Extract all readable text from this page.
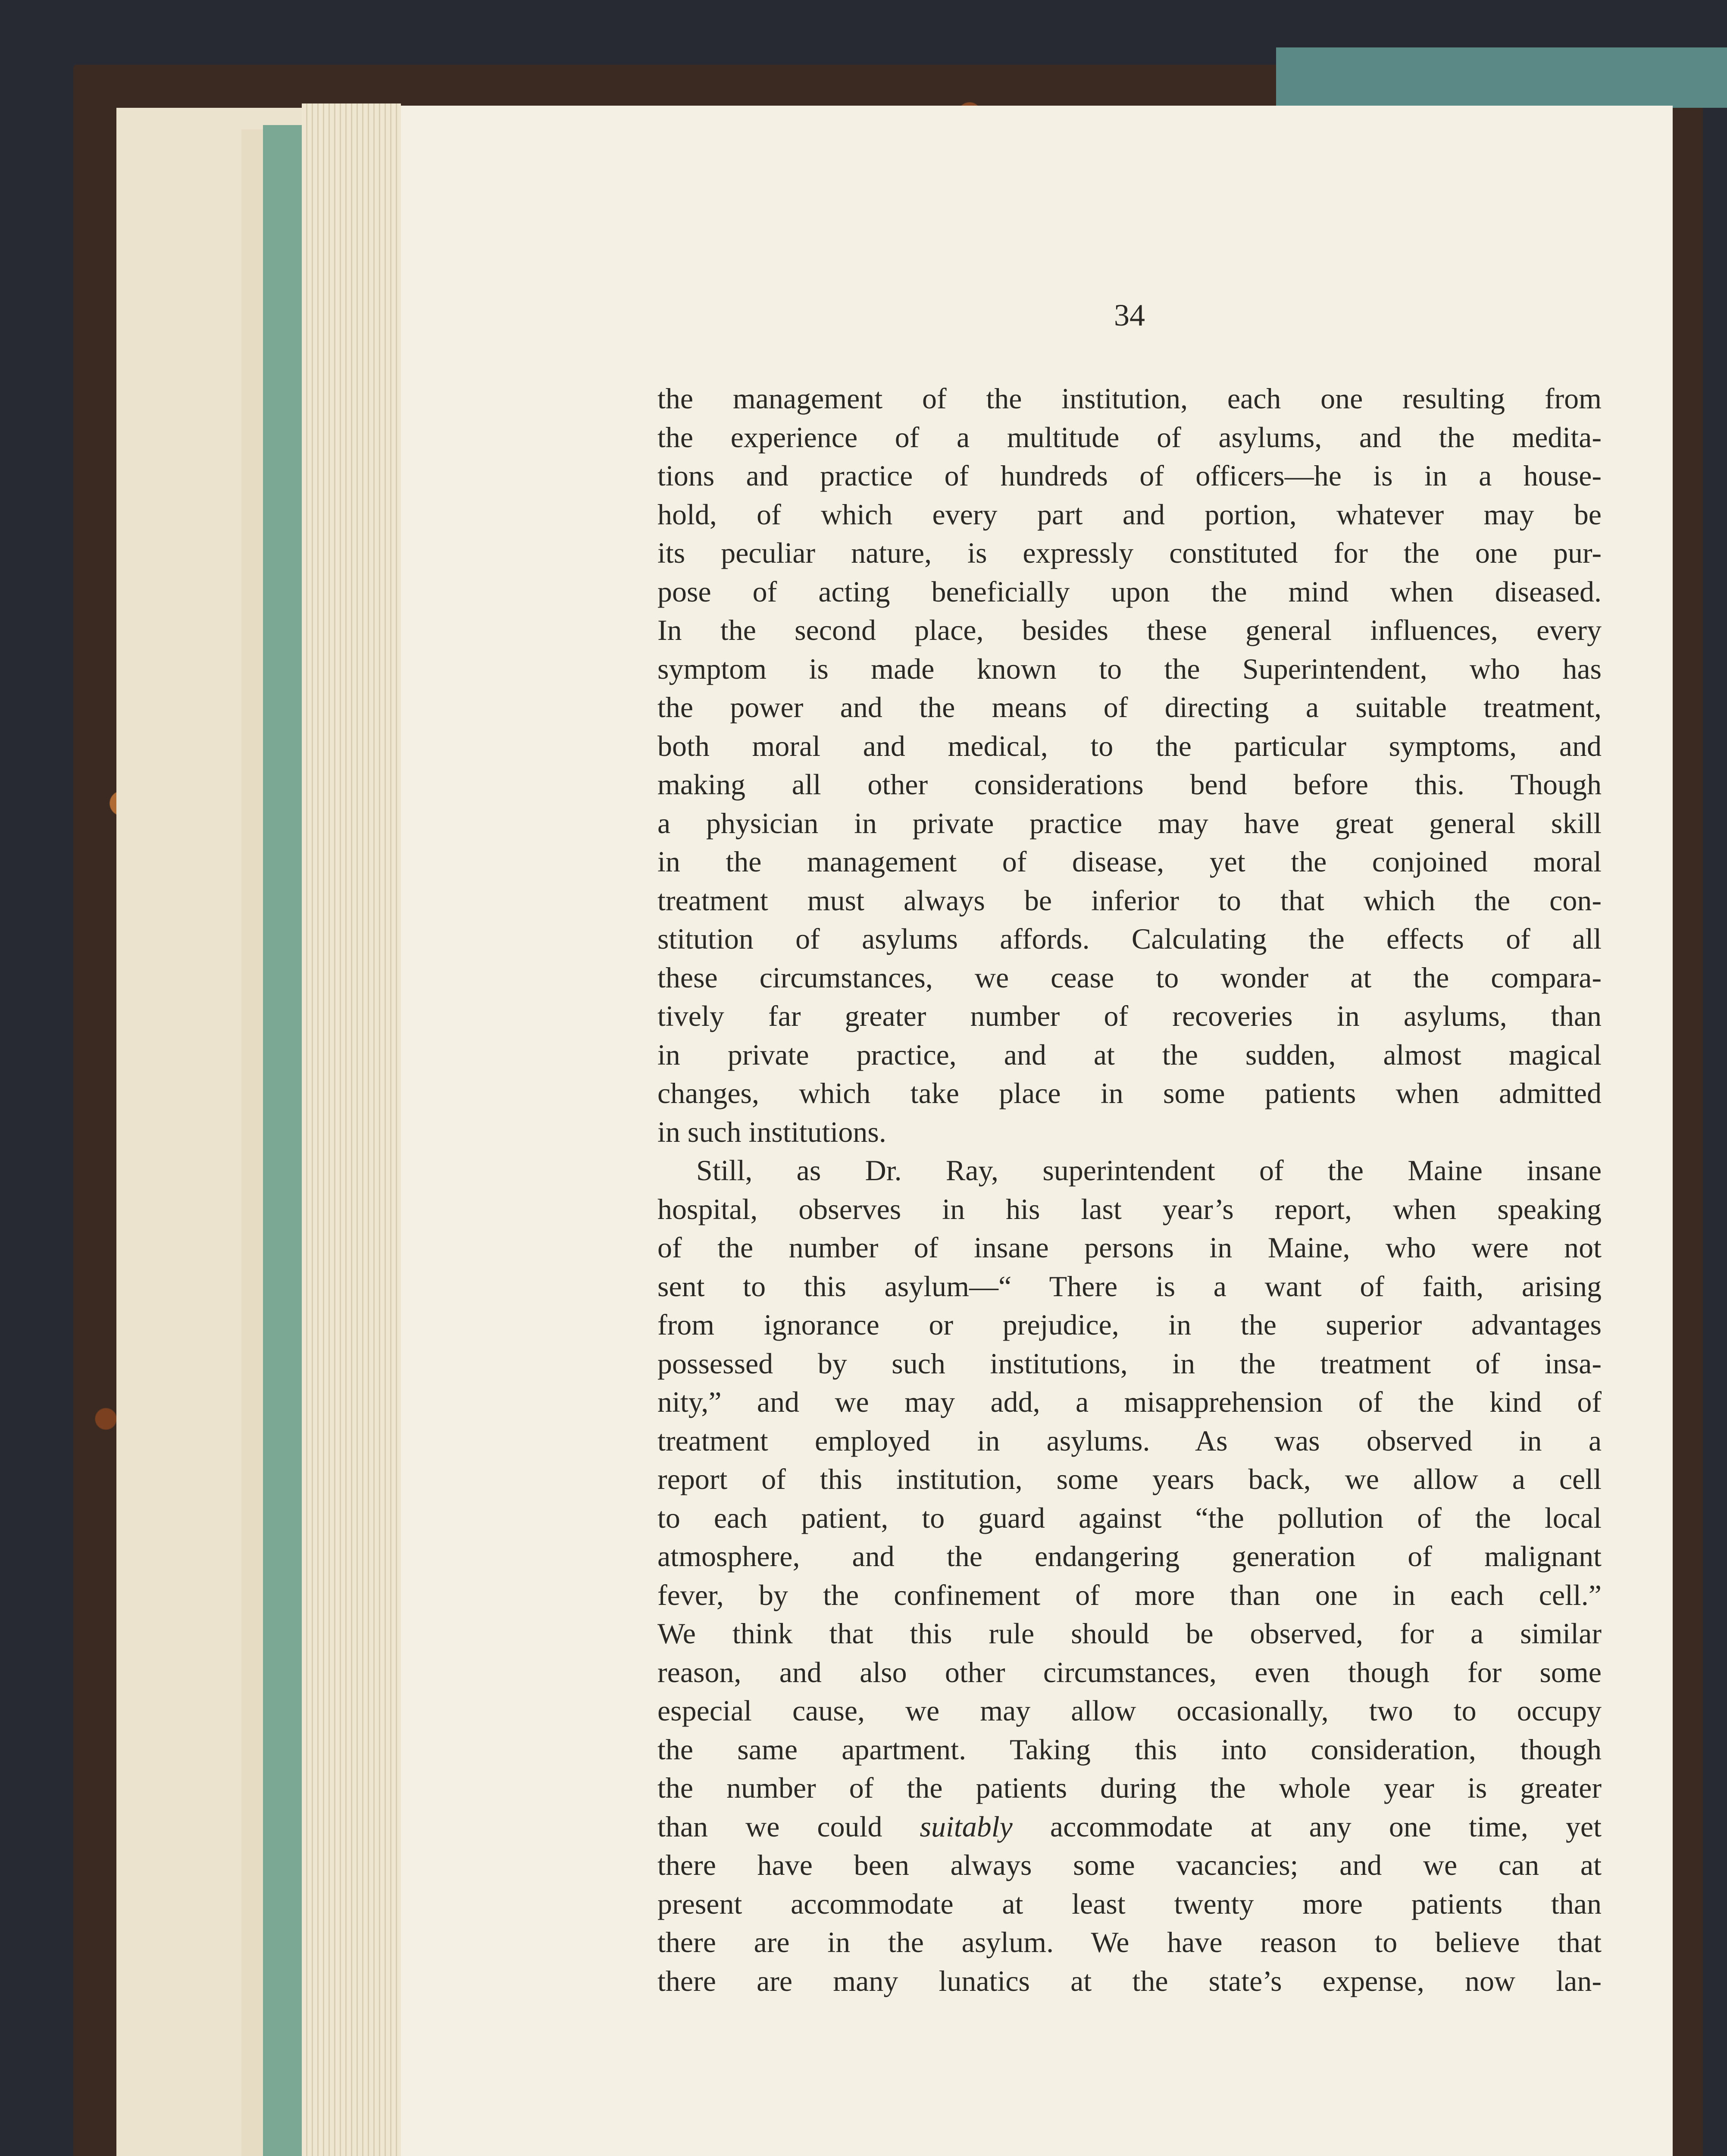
34
the management of the institution, each one resulting from
the experience of a multitude of asylums, and the medita-
tions and practice of hundreds of officers—he is in a house-
hold, of which every part and portion, whatever may be
its peculiar nature, is expressly constituted for the one pur-
pose of acting beneficially upon the mind when diseased.
In the second place, besides these general influences, every
symptom is made known to the Superintendent, who has
the power and the means of directing a suitable treatment,
both moral and medical, to the particular symptoms, and
making all other considerations bend before this. Though
a physician in private practice may have great general skill
in the management of disease, yet the conjoined moral
treatment must always be inferior to that which the con-
stitution of asylums affords. Calculating the effects of all
these circumstances, we cease to wonder at the compara-
tively far greater number of recoveries in asylums, than
in private practice, and at the sudden, almost magical
changes, which take place in some patients when admitted
in such institutions.
Still, as Dr. Ray, superintendent of the Maine insane
hospital, observes in his last year’s report, when speaking
of the number of insane persons in Maine, who were not
sent to this asylum—“ There is a want of faith, arising
from ignorance or prejudice, in the superior advantages
possessed by such institutions, in the treatment of insa-
nity,” and we may add, a misapprehension of the kind of
treatment employed in asylums. As was observed in a
report of this institution, some years back, we allow a cell
to each patient, to guard against “the pollution of the local
atmosphere, and the endangering generation of malignant
fever, by the confinement of more than one in each cell.”
We think that this rule should be observed, for a similar
reason, and also other circumstances, even though for some
especial cause, we may allow occasionally, two to occupy
the same apartment. Taking this into consideration, though
the number of the patients during the whole year is greater
than we could suitably accommodate at any one time, yet
there have been always some vacancies; and we can at
present accommodate at least twenty more patients than
there are in the asylum. We have reason to believe that
there are many lunatics at the state’s expense, now lan-
